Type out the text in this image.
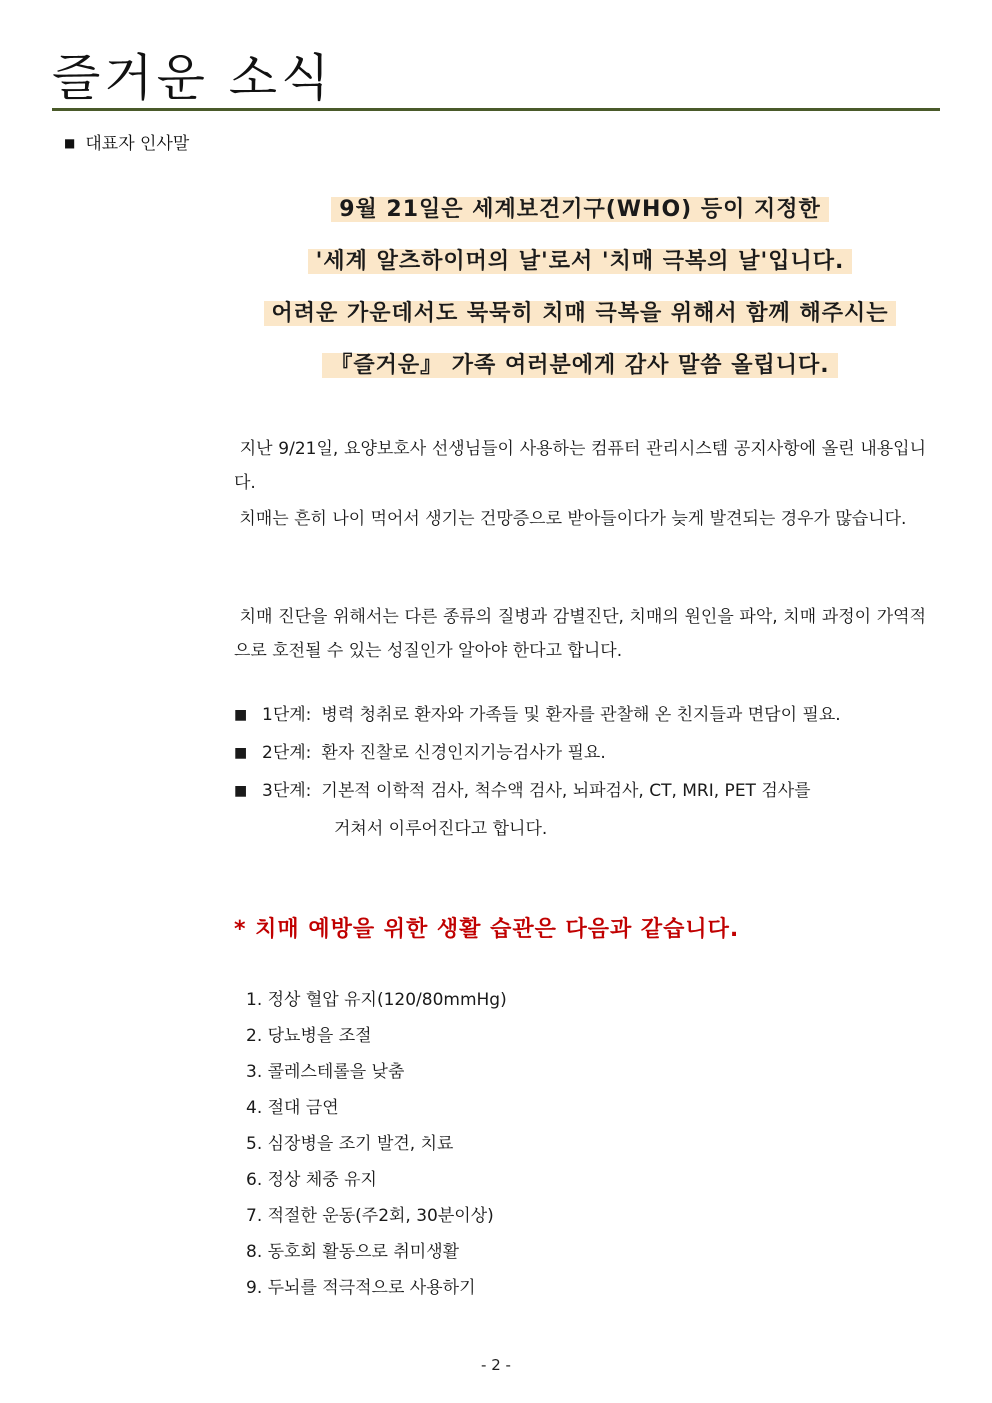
즐거운 소식
■ 대표자 인사말
9월 21일은 세계보건기구(WHO) 등이 지정한
'세계 알츠하이머의 날'로서 '치매 극복의 날'입니다.
어려운 가운데서도 묵묵히 치매 극복을 위해서 함께 해주시는
『즐거운』 가족 여러분에게 감사 말씀 올립니다.
지난 9/21일, 요양보호사 선생님들이 사용하는 컴퓨터 관리시스템 공지사항에 올린 내용입니다.
치매는 흔히 나이 먹어서 생기는 건망증으로 받아들이다가 늦게 발견되는 경우가 많습니다.
치매 진단을 위해서는 다른 종류의 질병과 감별진단, 치매의 원인을 파악, 치매 과정이 가역적으로 호전될 수 있는 성질인가 알아야 한다고 합니다.
■ 1단계: 병력 청취로 환자와 가족들 및 환자를 관찰해 온 친지들과 면담이 필요.
■ 2단계: 환자 진찰로 신경인지기능검사가 필요.
■ 3단계: 기본적 이학적 검사, 척수액 검사, 뇌파검사, CT, MRI, PET 검사를
거쳐서 이루어진다고 합니다.
* 치매 예방을 위한 생활 습관은 다음과 같습니다.
1. 정상 혈압 유지(120/80mmHg)
2. 당뇨병을 조절
3. 콜레스테롤을 낮춤
4. 절대 금연
5. 심장병을 조기 발견, 치료
6. 정상 체중 유지
7. 적절한 운동(주2회, 30분이상)
8. 동호회 활동으로 취미생활
9. 두뇌를 적극적으로 사용하기
- 2 -
